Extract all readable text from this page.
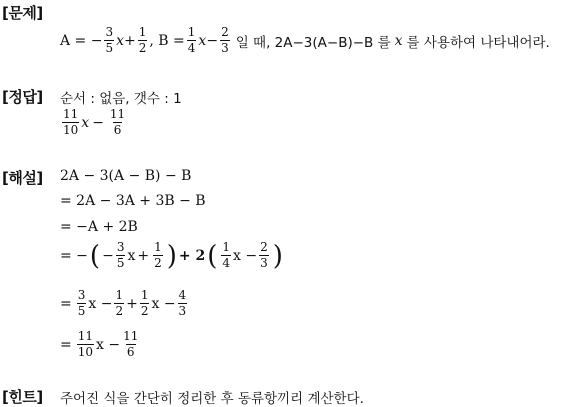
[문제]
A = − $\frac{3}{5}$ $x + \frac{1}{2}$ , $B = \frac{1}{4}$ $x - \frac{2}{3}$ 일 때, 2A−3(A−B)−B 를 x 를 사용하여 나타내어라.
[정답] 순서 : 없음, 갯수 : 1
$\frac{11}{10}$ $x - \frac{11}{6}$
[해설] 2A − 3(A − B) − B
= 2A − 3A + 3B − B
= −A + 2B
= − ( − $\frac{3}{5}$ $x + \frac{1}{2}$ ) + 2 ( $\frac{1}{4}$ $x - \frac{2}{3}$ )
= $\frac{3}{5}$ $x - \frac{1}{2} + \frac{1}{2}$ $x - \frac{4}{3}$
= $\frac{11}{10}$ $x - \frac{11}{6}$
[힌트] 주어진 식을 간단히 정리한 후 동류항끼리 계산한다.
